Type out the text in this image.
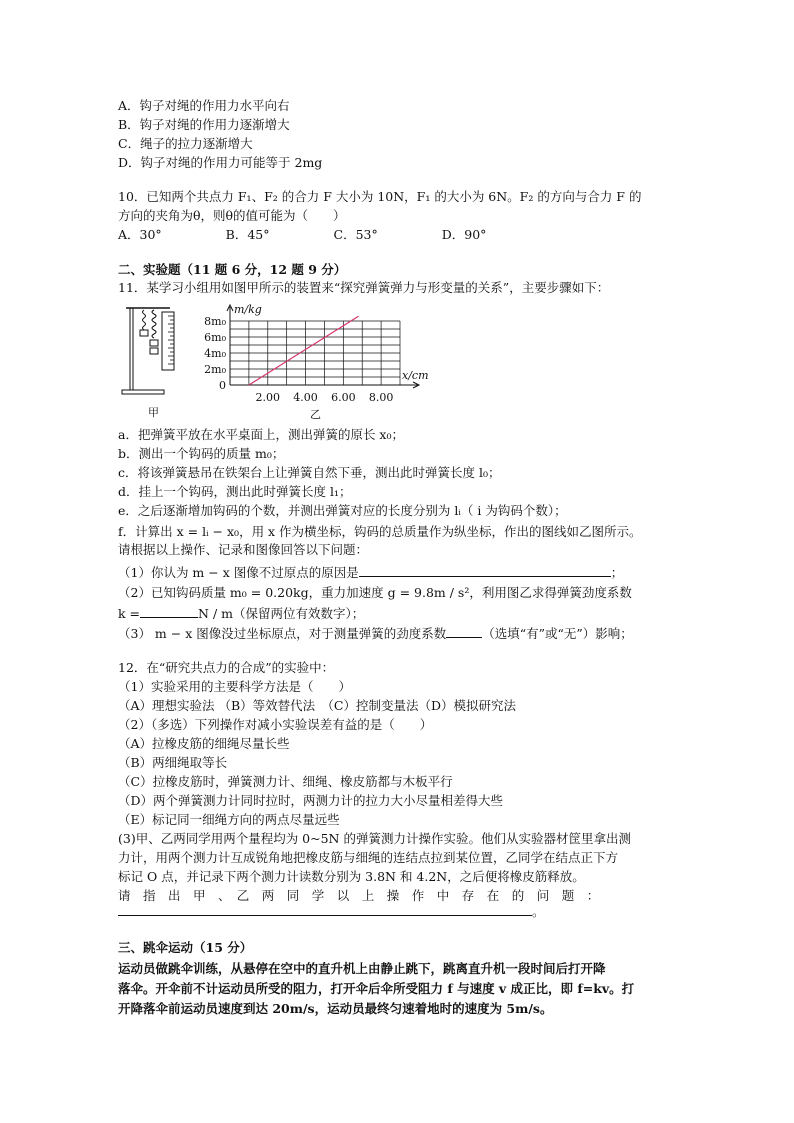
A．钩子对绳的作用力水平向右
B．钩子对绳的作用力逐渐增大
C．绳子的拉力逐渐增大
D．钩子对绳的作用力可能等于 2mg
10．已知两个共点力 F₁、F₂ 的合力 F 大小为 10N，F₁ 的大小为 6N。F₂ 的方向与合力 F 的
方向的夹角为θ，则θ的值可能为（　　）
A．30°	B．45°	C．53°	D．90°
二、实验题（11 题 6 分，12 题 9 分）
11．某学习小组用如图甲所示的装置来“探究弹簧弹力与形变量的关系”，主要步骤如下：
甲
m/kg
x/cm
0
2m₀
4m₀
6m₀
8m₀
2.00 4.00 6.00 8.00
乙
a．把弹簧平放在水平桌面上，测出弹簧的原长 x₀；
b．测出一个钩码的质量 m₀；
c．将该弹簧悬吊在铁架台上让弹簧自然下垂，测出此时弹簧长度 l₀；
d．挂上一个钩码，测出此时弹簧长度 l₁；
e．之后逐渐增加钩码的个数，并测出弹簧对应的长度分别为 lᵢ（ i 为钩码个数）；
f．计算出 x = lᵢ − x₀，用 x 作为横坐标，钩码的总质量作为纵坐标，作出的图线如乙图所示。
请根据以上操作、记录和图像回答以下问题：
（1）你认为 m − x 图像不过原点的原因是	；
（2）已知钩码质量 m₀ = 0.20kg，重力加速度 g = 9.8m / s²，利用图乙求得弹簧劲度系数
k =	N / m（保留两位有效数字）；
（3） m − x 图像没过坐标原点，对于测量弹簧的劲度系数	（选填“有”或“无”）影响；
12．在“研究共点力的合成”的实验中：
（1）实验采用的主要科学方法是（　　）
（A）理想实验法 （B）等效替代法　（C）控制变量法（D）模拟研究法
（2）（多选）下列操作对减小实验误差有益的是（　　）
（A）拉橡皮筋的细绳尽量长些
（B）两细绳取等长
（C）拉橡皮筋时，弹簧测力计、细绳、橡皮筋都与木板平行
（D）两个弹簧测力计同时拉时，两测力计的拉力大小尽量相差得大些
（E）标记同一细绳方向的两点尽量远些
(3)甲、乙两同学用两个量程均为 0~5N 的弹簧测力计操作实验。他们从实验器材筐里拿出测
力计，用两个测力计互成锐角地把橡皮筋与细绳的连结点拉到某位置，乙同学在结点正下方
标记 O 点，并记录下两个测力计读数分别为 3.8N 和 4.2N，之后便将橡皮筋释放。
请　指　出　甲　、　乙　两　同　学　以　上　操　作　中　存　在　的　问　题　：
。
三、跳伞运动（15 分）
运动员做跳伞训练，从悬停在空中的直升机上由静止跳下，跳离直升机一段时间后打开降
落伞。开伞前不计运动员所受的阻力，打开伞后伞所受阻力 f 与速度 v 成正比，即 f=kv。打
开降落伞前运动员速度到达 20m/s，运动员最终匀速着地时的速度为 5m/s。
